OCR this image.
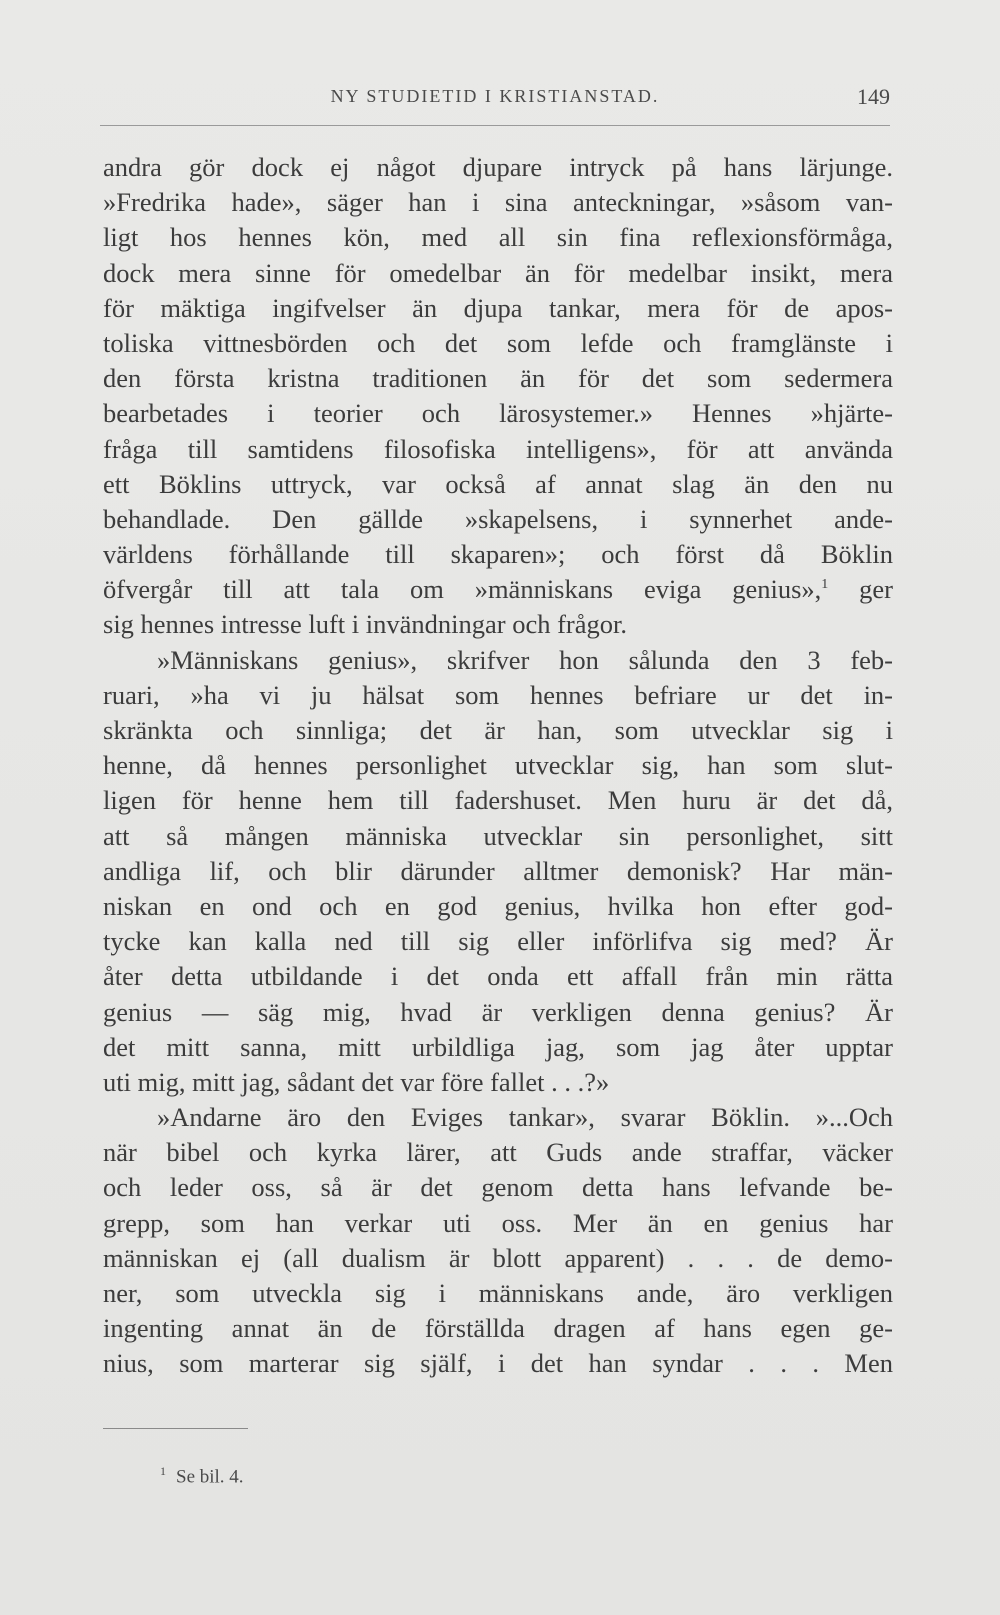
NY STUDIETID I KRISTIANSTAD.	149
andra gör dock ej något djupare intryck på hans lärjunge.
»Fredrika hade», säger han i sina anteckningar, »såsom van-
ligt hos hennes kön, med all sin fina reflexionsförmåga,
dock mera sinne för omedelbar än för medelbar insikt, mera
för mäktiga ingifvelser än djupa tankar, mera för de apos-
toliska vittnesbörden och det som lefde och framglänste i
den första kristna traditionen än för det som sedermera
bearbetades i teorier och lärosystemer.» Hennes »hjärte-
fråga till samtidens filosofiska intelligens», för att använda
ett Böklins uttryck, var också af annat slag än den nu
behandlade. Den gällde »skapelsens, i synnerhet ande-
världens förhållande till skaparen»; och först då Böklin
öfvergår till att tala om »människans eviga genius»,$^1$ ger
sig hennes intresse luft i invändningar och frågor.
»Människans genius», skrifver hon sålunda den 3 feb-
ruari, »ha vi ju hälsat som hennes befriare ur det in-
skränkta och sinnliga; det är han, som utvecklar sig i
henne, då hennes personlighet utvecklar sig, han som slut-
ligen för henne hem till fadershuset. Men huru är det då,
att så mången människa utvecklar sin personlighet, sitt
andliga lif, och blir därunder alltmer demonisk? Har män-
niskan en ond och en god genius, hvilka hon efter god-
tycke kan kalla ned till sig eller införlifva sig med? Är
åter detta utbildande i det onda ett affall från min rätta
genius — säg mig, hvad är verkligen denna genius? Är
det mitt sanna, mitt urbildliga jag, som jag åter upptar
uti mig, mitt jag, sådant det var före fallet . . .?»
»Andarne äro den Eviges tankar», svarar Böklin. »...Och
när bibel och kyrka lärer, att Guds ande straffar, väcker
och leder oss, så är det genom detta hans lefvande be-
grepp, som han verkar uti oss. Mer än en genius har
människan ej (all dualism är blott apparent) . . . de demo-
ner, som utveckla sig i människans ande, äro verkligen
ingenting annat än de förställda dragen af hans egen ge-
nius, som marterar sig själf, i det han syndar . . . Men
$^1$ Se bil. 4.
